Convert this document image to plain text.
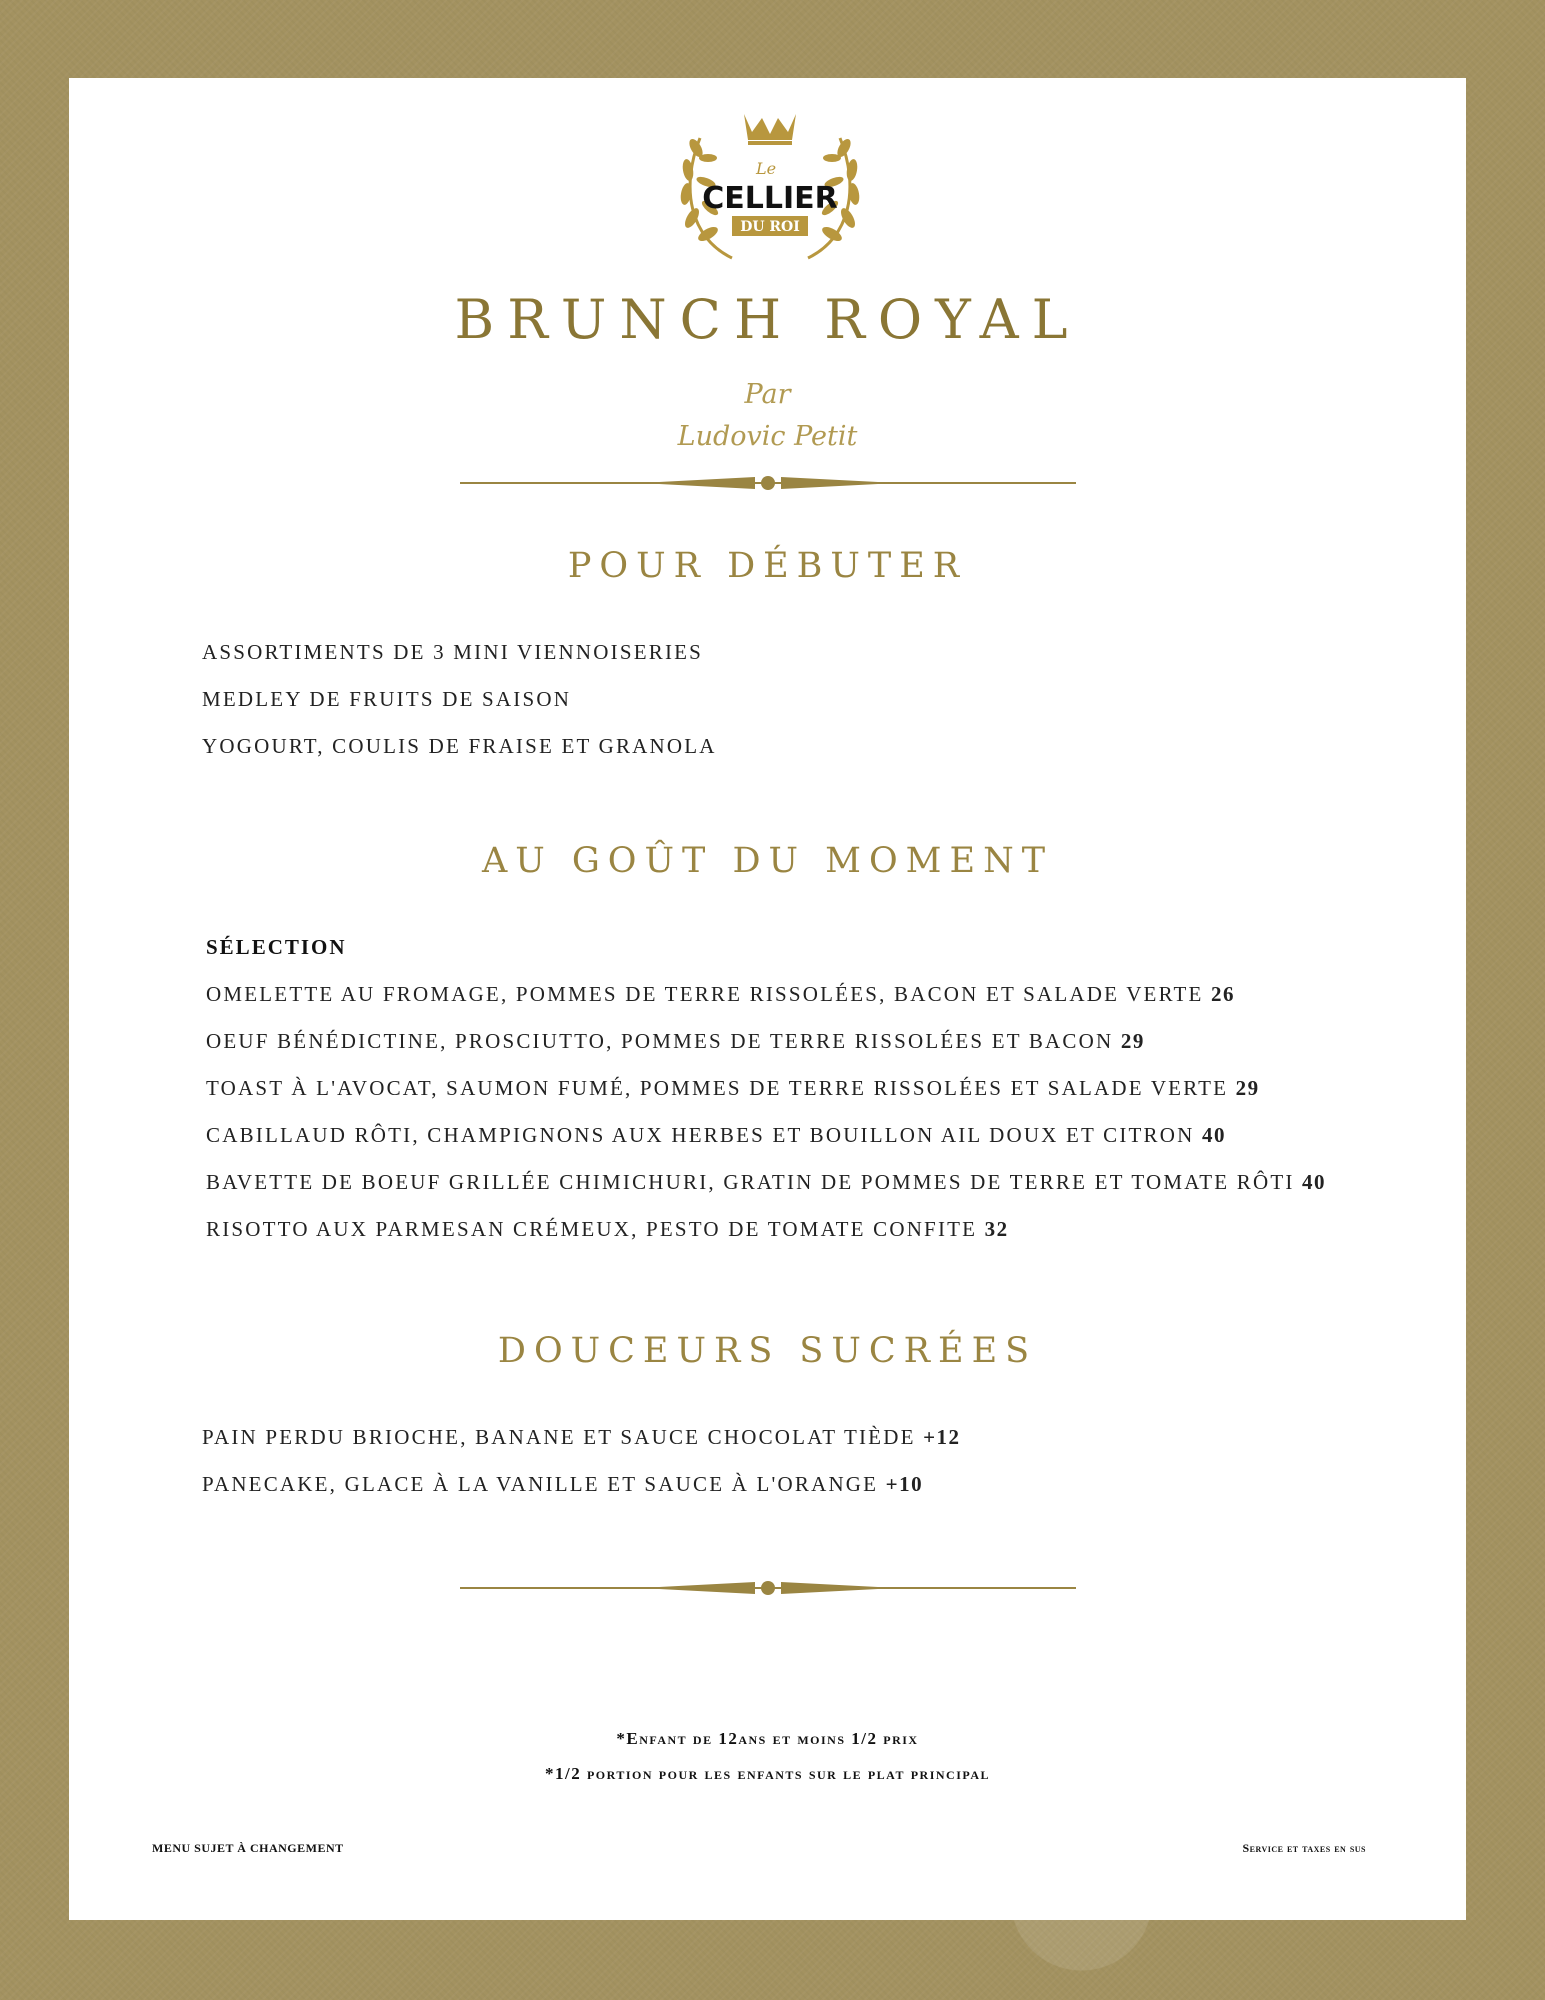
Le
CELLIER
DU ROI
BRUNCH ROYAL
Par
Ludovic Petit
POUR DÉBUTER
ASSORTIMENTS DE 3 MINI VIENNOISERIES
MEDLEY DE FRUITS DE SAISON
YOGOURT, COULIS DE FRAISE ET GRANOLA
AU GOÛT DU MOMENT
SÉLECTION
OMELETTE AU FROMAGE, POMMES DE TERRE RISSOLÉES, BACON ET SALADE VERTE 26
OEUF BÉNÉDICTINE, PROSCIUTTO, POMMES DE TERRE RISSOLÉES ET BACON 29
TOAST À L'AVOCAT, SAUMON FUMÉ, POMMES DE TERRE RISSOLÉES ET SALADE VERTE 29
CABILLAUD RÔTI, CHAMPIGNONS AUX HERBES ET BOUILLON AIL DOUX ET CITRON 40
BAVETTE DE BOEUF GRILLÉE CHIMICHURI, GRATIN DE POMMES DE TERRE ET TOMATE RÔTI 40
RISOTTO AUX PARMESAN CRÉMEUX, PESTO DE TOMATE CONFITE 32
DOUCEURS SUCRÉES
PAIN PERDU BRIOCHE, BANANE ET SAUCE CHOCOLAT TIÈDE +12
PANECAKE, GLACE À LA VANILLE ET SAUCE À L'ORANGE +10
*Enfant de 12ans et moins 1/2 prix
*1/2 portion pour les enfants sur le plat principal
MENU SUJET À CHANGEMENT	Service et taxes en sus
